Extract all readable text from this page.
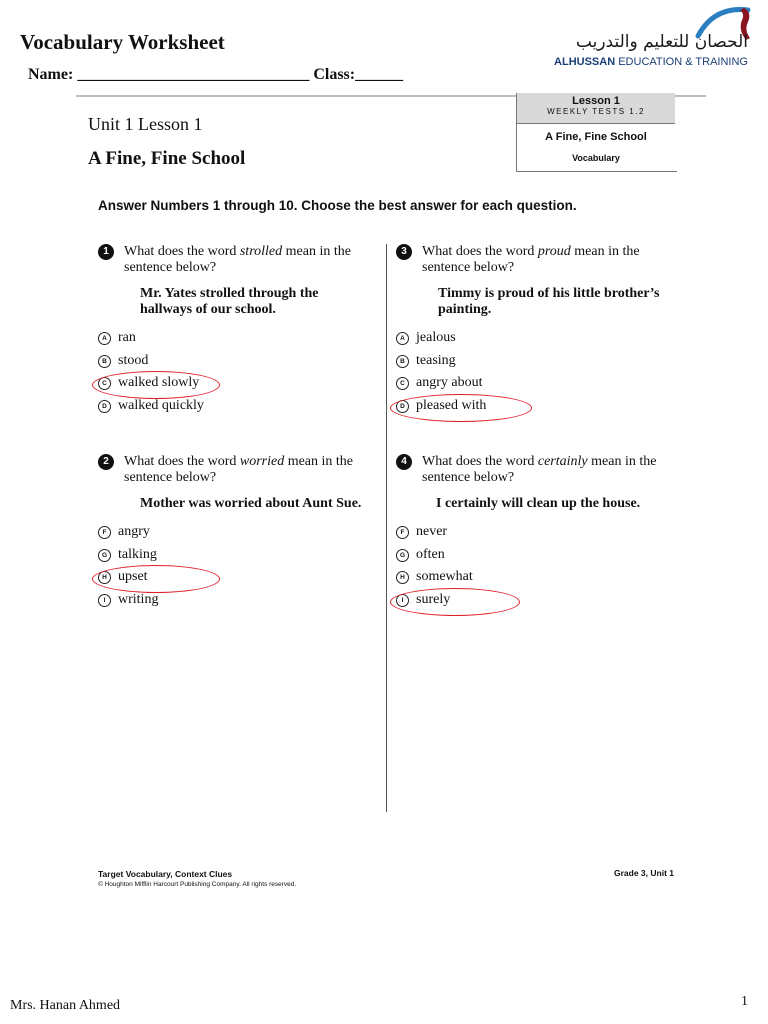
Vocabulary Worksheet
Name: _____________________________ Class:______
الحصان للتعليم والتدريب
ALHUSSAN EDUCATION & TRAINING
Unit 1 Lesson 1
A Fine, Fine School
Lesson 1
WEEKLY TESTS 1.2
A Fine, Fine School
Vocabulary
Answer Numbers 1 through 10. Choose the best answer for each question.
1	What does the word strolled mean in the sentence below?
Mr. Yates strolled through the hallways of our school.
A ran
B stood
C walked slowly
D walked quickly
2	What does the word worried mean in the sentence below?
Mother was worried about Aunt Sue.
F angry
G talking
H upset
I writing
3	What does the word proud mean in the sentence below?
Timmy is proud of his little brother’s painting.
A jealous
B teasing
C angry about
D pleased with
4	What does the word certainly mean in the sentence below?
I certainly will clean up the house.
F never
G often
H somewhat
I surely
Target Vocabulary, Context Clues
© Houghton Mifflin Harcourt Publishing Company. All rights reserved.
Grade 3, Unit 1
Mrs. Hanan Ahmed	1
